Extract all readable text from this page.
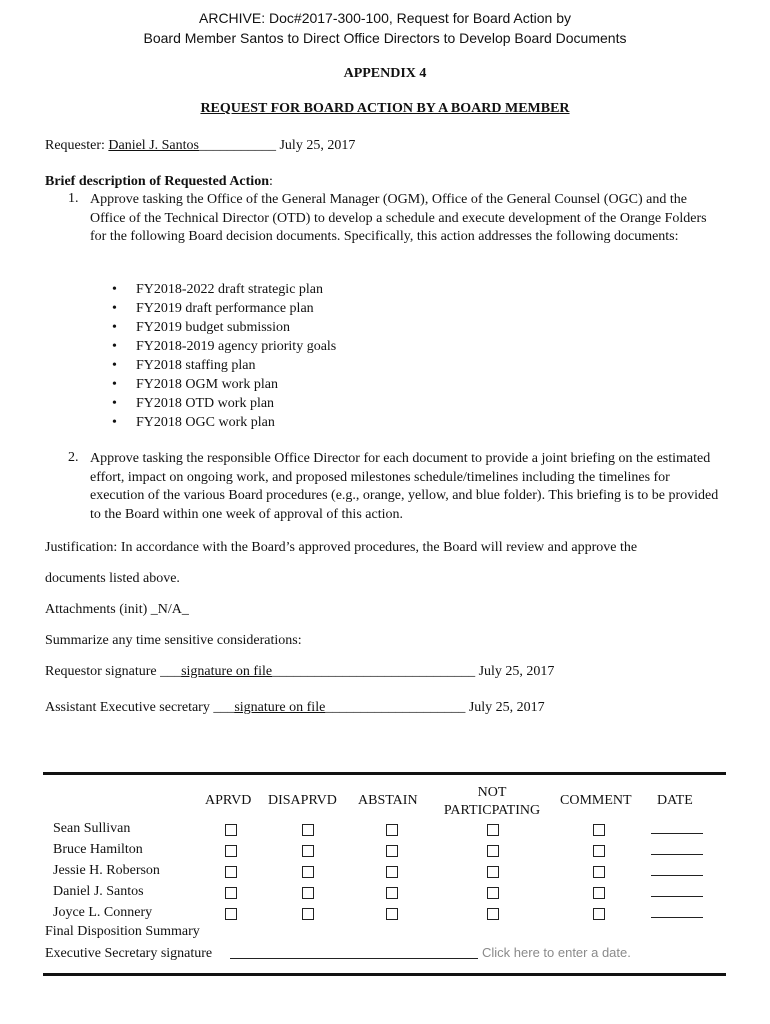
ARCHIVE: Doc#2017-300-100, Request for Board Action by
Board Member Santos to Direct Office Directors to Develop Board Documents
APPENDIX 4
REQUEST FOR BOARD ACTION BY A BOARD MEMBER
Requester: Daniel J. Santos___________ July 25, 2017
Brief description of Requested Action:
1. Approve tasking the Office of the General Manager (OGM), Office of the General Counsel (OGC) and the Office of the Technical Director (OTD) to develop a schedule and execute development of the Orange Folders for the following Board decision documents. Specifically, this action addresses the following documents:
• FY2018-2022 draft strategic plan
• FY2019 draft performance plan
• FY2019 budget submission
• FY2018-2019 agency priority goals
• FY2018 staffing plan
• FY2018 OGM work plan
• FY2018 OTD work plan
• FY2018 OGC work plan
2. Approve tasking the responsible Office Director for each document to provide a joint briefing on the estimated effort, impact on ongoing work, and proposed milestones schedule/timelines including the timelines for execution of the various Board procedures (e.g., orange, yellow, and blue folder). This briefing is to be provided to the Board within one week of approval of this action.
Justification: In accordance with the Board’s approved procedures, the Board will review and approve the
documents listed above.
Attachments (init) _N/A_
Summarize any time sensitive considerations:
Requestor signature ___signature on file_____________________________ July 25, 2017
Assistant Executive secretary ___signature on file____________________ July 25, 2017
APRVD DISAPRVD ABSTAIN
NOT
PARTICPATING
COMMENT DATE
Sean Sullivan
Bruce Hamilton
Jessie H. Roberson
Daniel J. Santos
Joyce L. Connery
Final Disposition Summary
Executive Secretary signature	Click here to enter a date.
